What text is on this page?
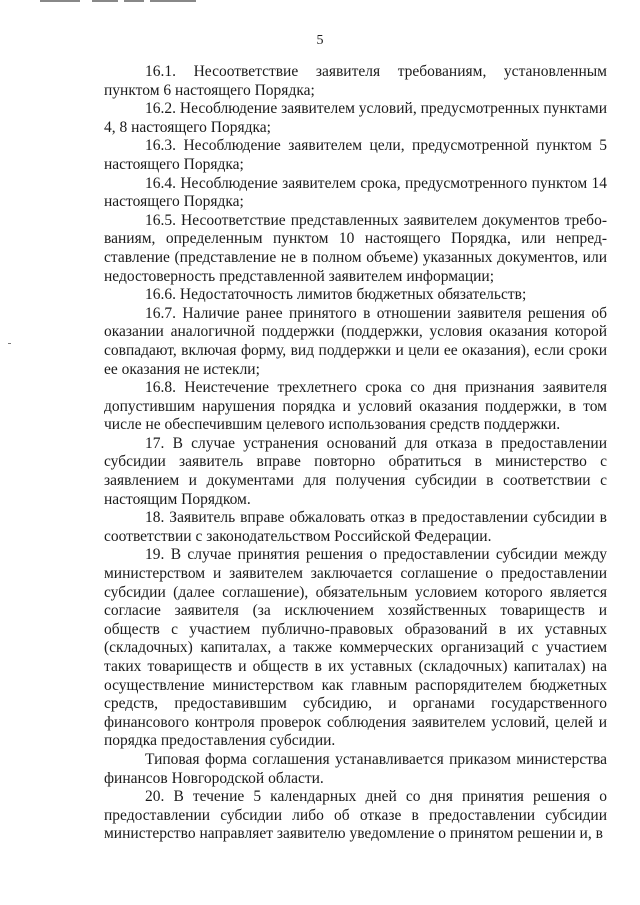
5

16.1. Несоответствие заявителя требованиям, установленным пунктом 6 настоящего Порядка;

16.2. Несоблюдение заявителем условий, предусмотренных пунктами 4, 8 настоящего Порядка;

16.3. Несоблюдение заявителем цели, предусмотренной пунктом 5 настоящего Порядка;

16.4. Несоблюдение заявителем срока, предусмотренного пунктом 14 настоящего Порядка;

16.5. Несоответствие представленных заявителем документов требованиям, определенным пунктом 10 настоящего Порядка, или непредставление (представление не в полном объеме) указанных документов, или недостоверность представленной заявителем информации;

16.6. Недостаточность лимитов бюджетных обязательств;

16.7. Наличие ранее принятого в отношении заявителя решения об оказании аналогичной поддержки (поддержки, условия оказания которой совпадают, включая форму, вид поддержки и цели ее оказания), если сроки ее оказания не истекли;

16.8. Неистечение трехлетнего срока со дня признания заявителя допустившим нарушения порядка и условий оказания поддержки, в том числе не обеспечившим целевого использования средств поддержки.

17. В случае устранения оснований для отказа в предоставлении субсидии заявитель вправе повторно обратиться в министерство с заявлением и документами для получения субсидии в соответствии с настоящим Порядком.

18. Заявитель вправе обжаловать отказ в предоставлении субсидии в соответствии с законодательством Российской Федерации.

19. В случае принятия решения о предоставлении субсидии между министерством и заявителем заключается соглашение о предоставлении субсидии (далее соглашение), обязательным условием которого является согласие заявителя (за исключением хозяйственных товариществ и обществ с участием публично-правовых образований в их уставных (складочных) капиталах, а также коммерческих организаций с участием таких товариществ и обществ в их уставных (складочных) капиталах) на осуществление министерством как главным распорядителем бюджетных средств, предоставившим субсидию, и органами государственного финансового контроля проверок соблюдения заявителем условий, целей и порядка предоставления субсидии.

Типовая форма соглашения устанавливается приказом министерства финансов Новгородской области.

20. В течение 5 календарных дней со дня принятия решения о предоставлении субсидии либо об отказе в предоставлении субсидии министерство направляет заявителю уведомление о принятом решении и, в
